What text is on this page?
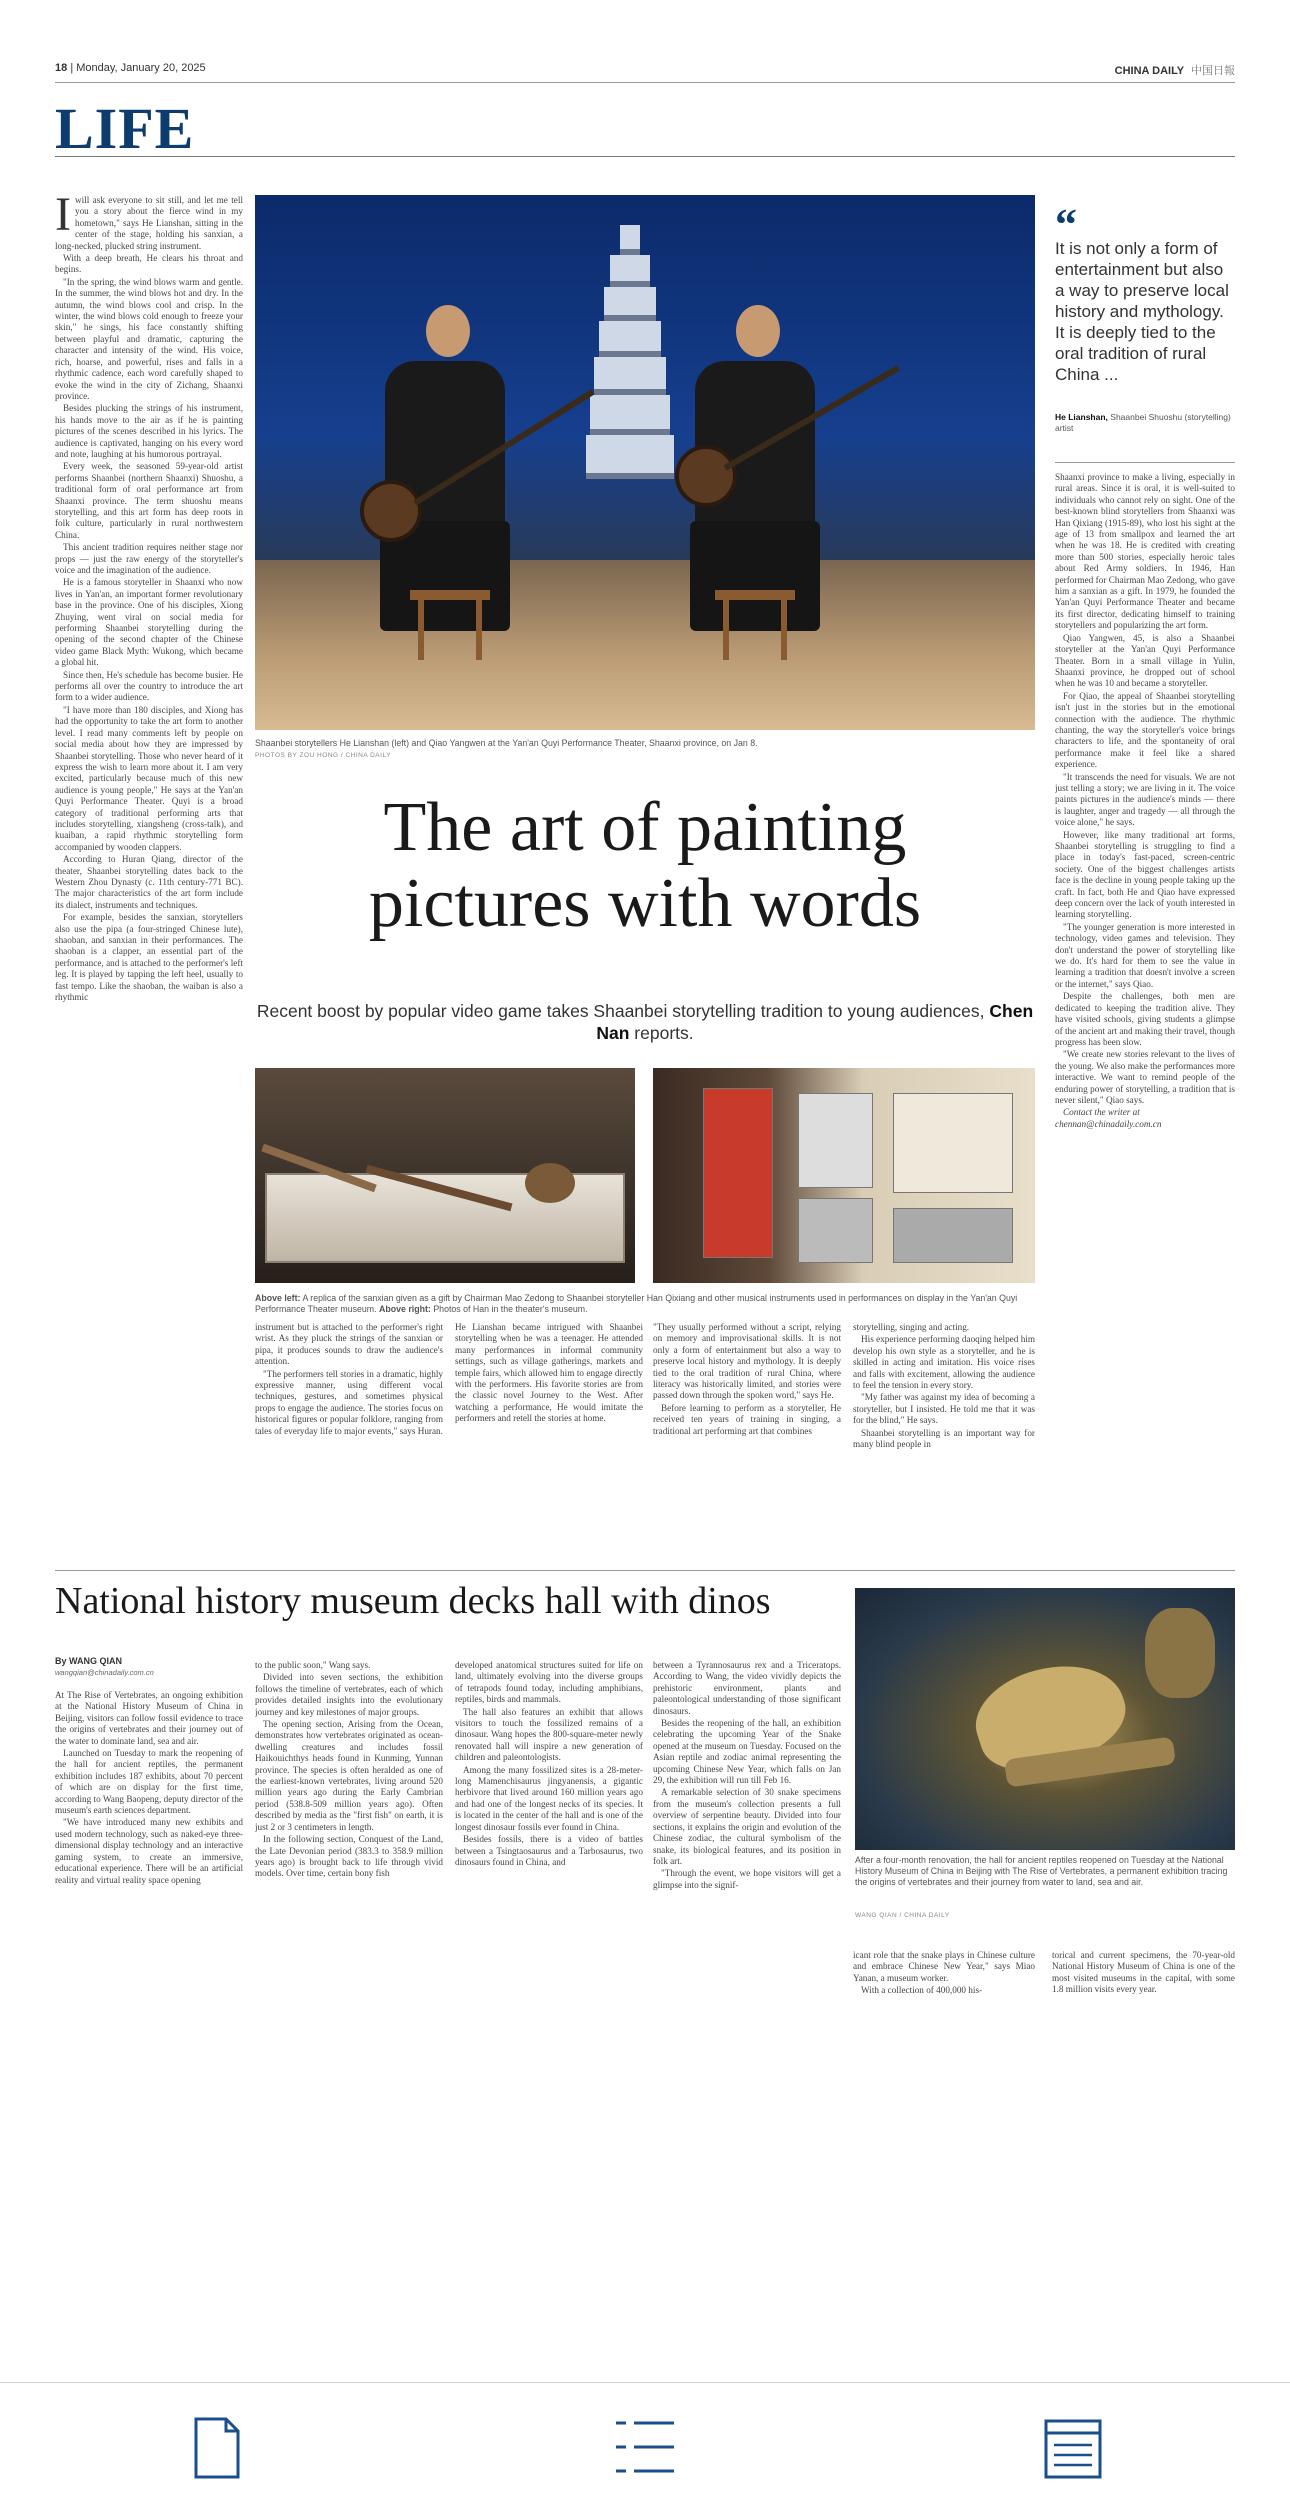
18 | Monday, January 20, 2025	CHINA DAILY 中国日報
LIFE
I will ask everyone to sit still, and let me tell you a story about the fierce wind in my hometown," says He Lianshan, sitting in the center of the stage, holding his sanxian, a long-necked, plucked string instrument.

With a deep breath, He clears his throat and begins.

"In the spring, the wind blows warm and gentle. In the summer, the wind blows hot and dry. In the autumn, the wind blows cool and crisp. In the winter, the wind blows cold enough to freeze your skin," he sings, his face constantly shifting between playful and dramatic, capturing the character and intensity of the wind. His voice, rich, hoarse, and powerful, rises and falls in a rhythmic cadence, each word carefully shaped to evoke the wind in the city of Zichang, Shaanxi province.

Besides plucking the strings of his instrument, his hands move to the air as if he is painting pictures of the scenes described in his lyrics. The audience is captivated, hanging on his every word and note, laughing at his humorous portrayal.

Every week, the seasoned 59-year-old artist performs Shaanbei (northern Shaanxi) Shuoshu, a traditional form of oral performance art from Shaanxi province. The term shuoshu means storytelling, and this art form has deep roots in folk culture, particularly in rural northwestern China.

This ancient tradition requires neither stage nor props — just the raw energy of the storyteller's voice and the imagination of the audience.

He is a famous storyteller in Shaanxi who now lives in Yan'an, an important former revolutionary base in the province. One of his disciples, Xiong Zhuying, went viral on social media for performing Shaanbei storytelling during the opening of the second chapter of the Chinese video game Black Myth: Wukong, which became a global hit.

Since then, He's schedule has become busier. He performs all over the country to introduce the art form to a wider audience.

"I have more than 180 disciples, and Xiong has had the opportunity to take the art form to another level. I read many comments left by people on social media about how they are impressed by Shaanbei storytelling. Those who never heard of it express the wish to learn more about it. I am very excited, particularly because much of this new audience is young people," He says at the Yan'an Quyi Performance Theater. Quyi is a broad category of traditional performing arts that includes storytelling, xiangsheng (cross-talk), and kuaiban, a rapid rhythmic storytelling form accompanied by wooden clappers.

According to Huran Qiang, director of the theater, Shaanbei storytelling dates back to the Western Zhou Dynasty (c. 11th century-771 BC). The major characteristics of the art form include its dialect, instruments and techniques.

For example, besides the sanxian, storytellers also use the pipa (a four-stringed Chinese lute), shaoban, and sanxian in their performances. The shaoban is a clapper, an essential part of the performance, and is attached to the performer's left leg. It is played by tapping the left heel, usually to fast tempo. Like the shaoban, the waiban is also a rhythmic

Shaanbei storytellers He Lianshan (left) and Qiao Yangwen at the Yan'an Quyi Performance Theater, Shaanxi province, on Jan 8.
PHOTOS BY ZOU HONG / CHINA DAILY
The art of painting
pictures with words
Recent boost by popular video game takes Shaanbei storytelling tradition to young audiences, Chen Nan reports.
Above left: A replica of the sanxian given as a gift by Chairman Mao Zedong to Shaanbei storyteller Han Qixiang and other musical instruments used in performances on display in the Yan'an Quyi Performance Theater museum. Above right: Photos of Han in the theater's museum.

instrument but is attached to the performer's right wrist. As they pluck the strings of the sanxian or pipa, it produces sounds to draw the audience's attention.

"The performers tell stories in a dramatic, highly expressive manner, using different vocal techniques, gestures, and sometimes physical props to engage the audience. The stories focus on historical figures or popular folklore, ranging from tales of everyday life to major events," says Huran.

He Lianshan became intrigued with Shaanbei storytelling when he was a teenager. He attended many performances in informal community settings, such as village gatherings, markets and temple fairs, which allowed him to engage directly with the performers. His favorite stories are from the classic novel Journey to the West. After watching a performance, He would imitate the performers and retell the stories at home.

"They usually performed without a script, relying on memory and improvisational skills. It is not only a form of entertainment but also a way to preserve local history and mythology. It is deeply tied to the oral tradition of rural China, where literacy was historically limited, and stories were passed down through the spoken word," says He.

Before learning to perform as a storyteller, He received ten years of training in singing, a traditional art performing art that combines

storytelling, singing and acting.

His experience performing daoqing helped him develop his own style as a storyteller, and he is skilled in acting and imitation. His voice rises and falls with excitement, allowing the audience to feel the tension in every story.

"My father was against my idea of becoming a storyteller, but I insisted. He told me that it was for the blind," He says.

Shaanbei storytelling is an important way for many blind people in

“
It is not only a form of entertainment but also a way to preserve local history and mythology. It is deeply tied to the oral tradition of rural China ...
He Lianshan, Shaanbei Shuoshu (storytelling) artist

Shaanxi province to make a living, especially in rural areas. Since it is oral, it is well-suited to individuals who cannot rely on sight. One of the best-known blind storytellers from Shaanxi was Han Qixiang (1915-89), who lost his sight at the age of 13 from smallpox and learned the art when he was 18. He is credited with creating more than 500 stories, especially heroic tales about Red Army soldiers. In 1946, Han performed for Chairman Mao Zedong, who gave him a sanxian as a gift. In 1979, he founded the Yan'an Quyi Performance Theater and became its first director, dedicating himself to training storytellers and popularizing the art form.

Qiao Yangwen, 45, is also a Shaanbei storyteller at the Yan'an Quyi Performance Theater. Born in a small village in Yulin, Shaanxi province, he dropped out of school when he was 10 and became a storyteller.

For Qiao, the appeal of Shaanbei storytelling isn't just in the stories but in the emotional connection with the audience. The rhythmic chanting, the way the storyteller's voice brings characters to life, and the spontaneity of oral performance make it feel like a shared experience.

"It transcends the need for visuals. We are not just telling a story; we are living in it. The voice paints pictures in the audience's minds — there is laughter, anger and tragedy — all through the voice alone," he says.

However, like many traditional art forms, Shaanbei storytelling is struggling to find a place in today's fast-paced, screen-centric society. One of the biggest challenges artists face is the decline in young people taking up the craft. In fact, both He and Qiao have expressed deep concern over the lack of youth interested in learning storytelling.

"The younger generation is more interested in technology, video games and television. They don't understand the power of storytelling like we do. It's hard for them to see the value in learning a tradition that doesn't involve a screen or the internet," says Qiao.

Despite the challenges, both men are dedicated to keeping the tradition alive. They have visited schools, giving students a glimpse of the ancient art and making their travel, though progress has been slow.

"We create new stories relevant to the lives of the young. We also make the performances more interactive. We want to remind people of the enduring power of storytelling, a tradition that is never silent," Qiao says.

Contact the writer at
chennan@chinadaily.com.cn

National history museum decks hall with dinos
By WANG QIAN
wangqian@chinadaily.com.cn

At The Rise of Vertebrates, an ongoing exhibition at the National History Museum of China in Beijing, visitors can follow fossil evidence to trace the origins of vertebrates and their journey out of the water to dominate land, sea and air.

Launched on Tuesday to mark the reopening of the hall for ancient reptiles, the permanent exhibition includes 187 exhibits, about 70 percent of which are on display for the first time, according to Wang Baopeng, deputy director of the museum's earth sciences department.

"We have introduced many new exhibits and used modern technology, such as naked-eye three-dimensional display technology and an interactive gaming system, to create an immersive, educational experience. There will be an artificial reality and virtual reality space opening

to the public soon," Wang says.

Divided into seven sections, the exhibition follows the timeline of vertebrates, each of which provides detailed insights into the evolutionary journey and key milestones of major groups.

The opening section, Arising from the Ocean, demonstrates how vertebrates originated as ocean-dwelling creatures and includes fossil Haikouichthys heads found in Kunming, Yunnan province. The species is often heralded as one of the earliest-known vertebrates, living around 520 million years ago during the Early Cambrian period (538.8-509 million years ago). Often described by media as the "first fish" on earth, it is just 2 or 3 centimeters in length.

In the following section, Conquest of the Land, the Late Devonian period (383.3 to 358.9 million years ago) is brought back to life through vivid models. Over time, certain bony fish

developed anatomical structures suited for life on land, ultimately evolving into the diverse groups of tetrapods found today, including amphibians, reptiles, birds and mammals.

The hall also features an exhibit that allows visitors to touch the fossilized remains of a dinosaur. Wang hopes the 800-square-meter newly renovated hall will inspire a new generation of children and paleontologists.

Among the many fossilized sites is a 28-meter-long Mamenchisaurus jingyanensis, a gigantic herbivore that lived around 160 million years ago and had one of the longest necks of its species. It is located in the center of the hall and is one of the longest dinosaur fossils ever found in China.

Besides fossils, there is a video of battles between a Tsingtaosaurus and a Tarbosaurus, two dinosaurs found in China, and

between a Tyrannosaurus rex and a Triceratops. According to Wang, the video vividly depicts the prehistoric environment, plants and paleontological understanding of those significant dinosaurs.

Besides the reopening of the hall, an exhibition celebrating the upcoming Year of the Snake opened at the museum on Tuesday. Focused on the Asian reptile and zodiac animal representing the upcoming Chinese New Year, which falls on Jan 29, the exhibition will run till Feb 16.

A remarkable selection of 30 snake specimens from the museum's collection presents a full overview of serpentine beauty. Divided into four sections, it explains the origin and evolution of the Chinese zodiac, the cultural symbolism of the snake, its biological features, and its position in folk art.

"Through the event, we hope visitors will get a glimpse into the signif-

After a four-month renovation, the hall for ancient reptiles reopened on Tuesday at the National History Museum of China in Beijing with The Rise of Vertebrates, a permanent exhibition tracing the origins of vertebrates and their journey from water to land, sea and air.
WANG QIAN / CHINA DAILY

icant role that the snake plays in Chinese culture and embrace Chinese New Year," says Miao Yanan, a museum worker.

With a collection of 400,000 his-

torical and current specimens, the 70-year-old National History Museum of China is one of the most visited museums in the capital, with some 1.8 million visits every year.
